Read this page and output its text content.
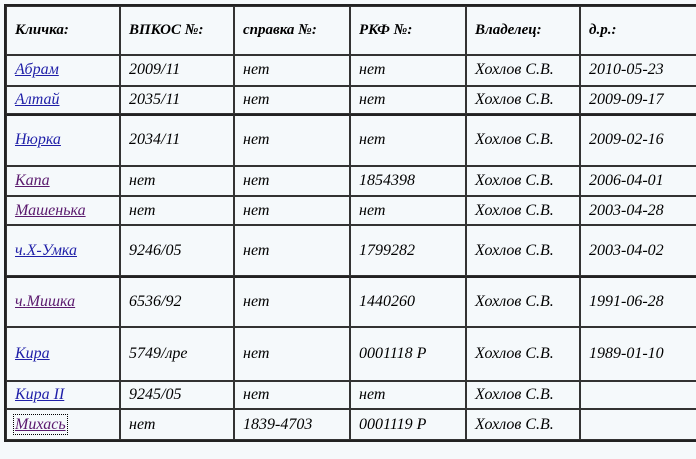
Кличка:	ВПКОС №:	справка №:	РКФ №:	Владелец:	д.р.:
Абрам	2009/11	нет	нет	Хохлов С.В.	2010-05-23
Алтай	2035/11	нет	нет	Хохлов С.В.	2009-09-17
Нюрка	2034/11	нет	нет	Хохлов С.В.	2009-02-16
Капа	нет	нет	1854398	Хохлов С.В.	2006-04-01
Машенька	нет	нет	нет	Хохлов С.В.	2003-04-28
ч.Х-Умка	9246/05	нет	1799282	Хохлов С.В.	2003-04-02
ч.Мишка	6536/92	нет	1440260	Хохлов С.В.	1991-06-28
Кира	5749/лре	нет	0001118 Р	Хохлов С.В.	1989-01-10
Кира II	9245/05	нет	нет	Хохлов С.В.	
Михась	нет	1839-4703	0001119 Р	Хохлов С.В.	
